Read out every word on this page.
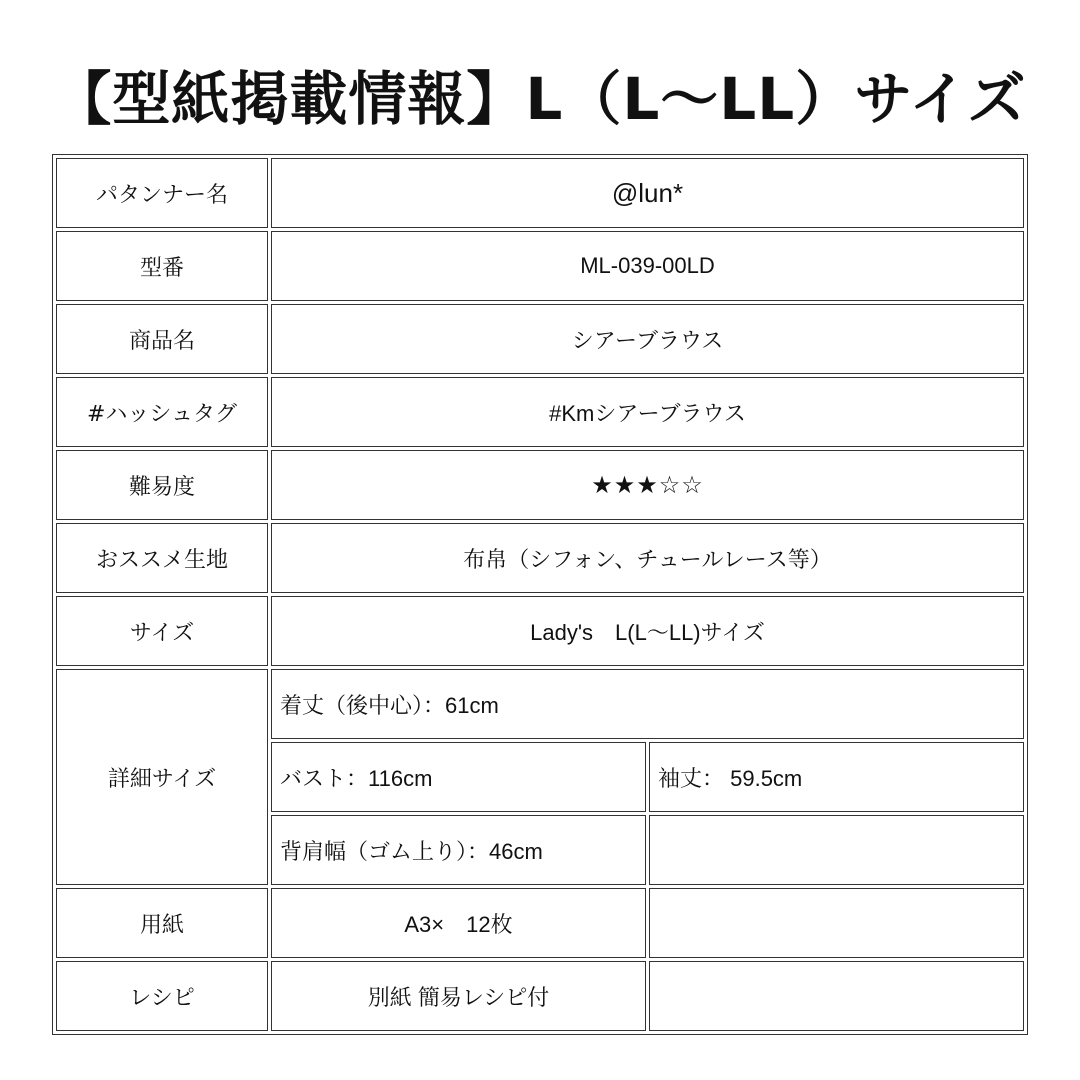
【型紙掲載情報】L（L〜LL）サイズ
パタンナー名	@lun*	
型番	ML-039-00LD	
商品名	シアーブラウス	
#ハッシュタグ	#Kmシアーブラウス	
難易度	★★★☆☆	
おススメ生地	布帛（シフォン、チュールレース等）	
サイズ	Lady's　L(L〜LL)サイズ	
詳細サイズ	着丈（後中心）：61cm	
	バスト：116cm	袖丈： 59.5cm
	背肩幅（ゴム上り）：46cm	
用紙	A3×　12枚	
レシピ	別紙 簡易レシピ付	
